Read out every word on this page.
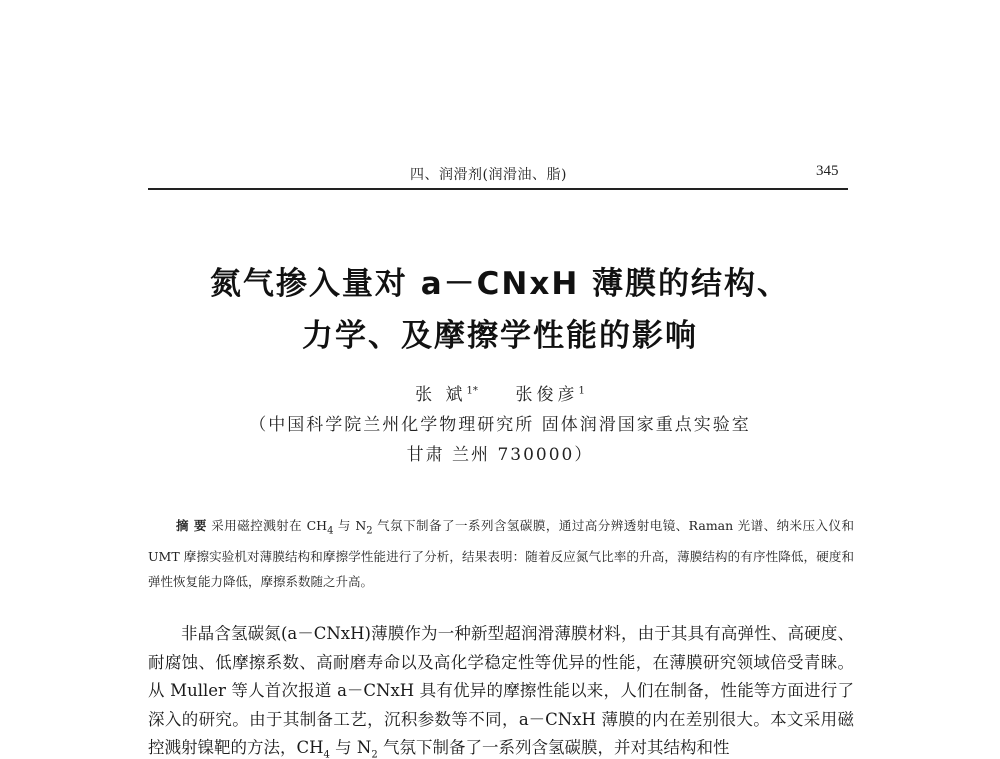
四、润滑剂(润滑油、脂)	345
氮气掺入量对 a－CNxH 薄膜的结构、
力学、及摩擦学性能的影响
张 斌$^{1*}$ 张俊彦$^1$
（中国科学院兰州化学物理研究所 固体润滑国家重点实验室
甘肃 兰州 730000）
摘 要 采用磁控溅射在 $CH_4$ 与 $N_2$ 气氛下制备了一系列含氢碳膜，通过高分辨透射电镜、Raman 光谱、纳米压入仪和 UMT 摩擦实验机对薄膜结构和摩擦学性能进行了分析，结果表明：随着反应氮气比率的升高，薄膜结构的有序性降低，硬度和弹性恢复能力降低，摩擦系数随之升高。
非晶含氢碳氮(a－CNxH)薄膜作为一种新型超润滑薄膜材料，由于其具有高弹性、高硬度、耐腐蚀、低摩擦系数、高耐磨寿命以及高化学稳定性等优异的性能，在薄膜研究领域倍受青睐。从 Muller 等人首次报道 a－CNxH 具有优异的摩擦性能以来，人们在制备，性能等方面进行了深入的研究。由于其制备工艺，沉积参数等不同，a－CNxH 薄膜的内在差别很大。本文采用磁控溅射镍靶的方法，$CH_4$ 与 $N_2$ 气氛下制备了一系列含氢碳膜，并对其结构和性
